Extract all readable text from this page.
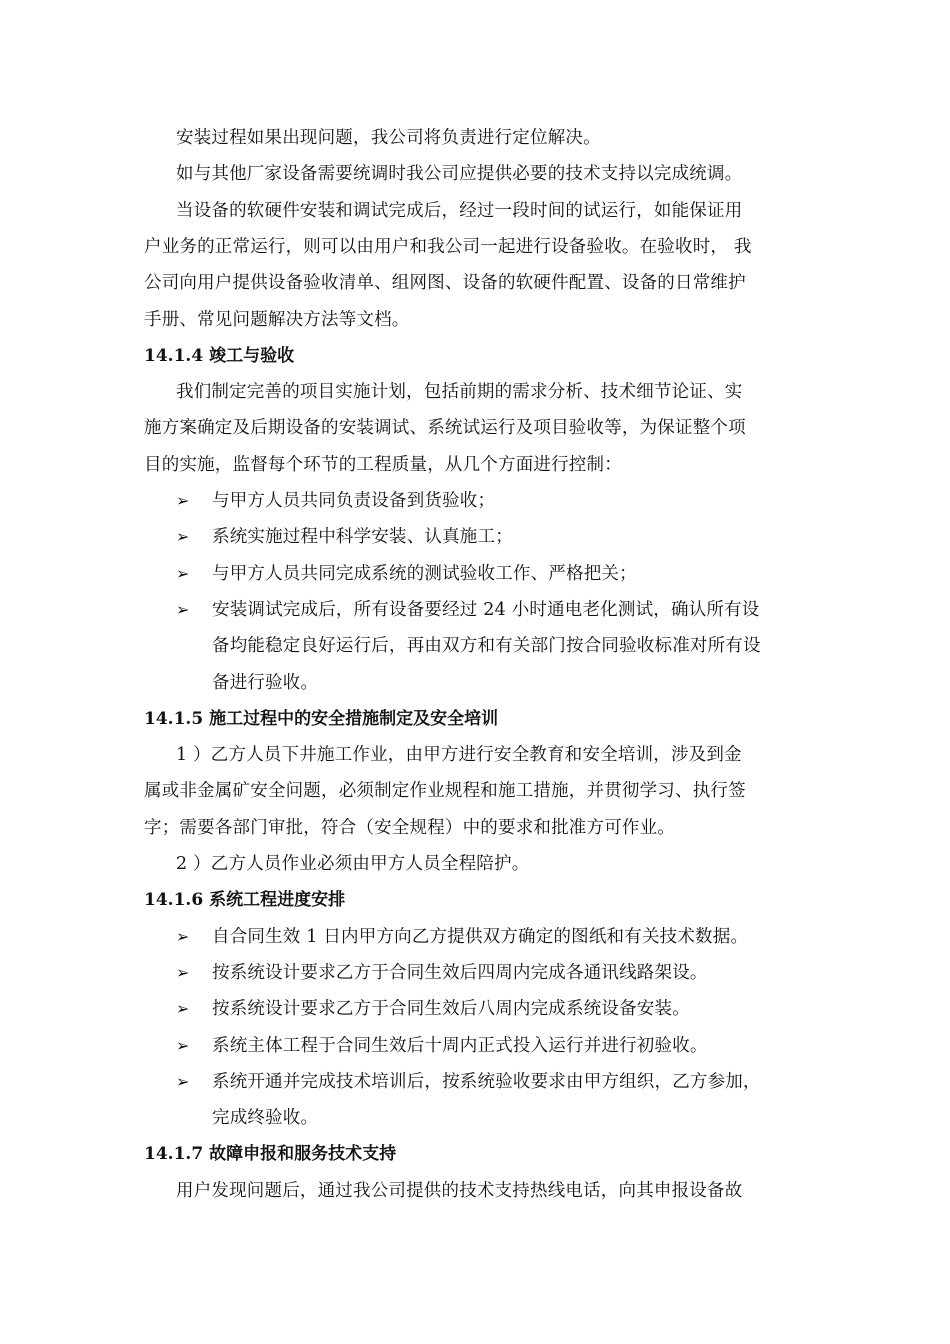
安装过程如果出现问题，我公司将负责进行定位解决。
如与其他厂家设备需要统调时我公司应提供必要的技术支持以完成统调。
当设备的软硬件安装和调试完成后，经过一段时间的试运行，如能保证用
户业务的正常运行，则可以由用户和我公司一起进行设备验收。在验收时， 我
公司向用户提供设备验收清单、组网图、设备的软硬件配置、设备的日常维护
手册、常见问题解决方法等文档。
14.1.4 竣工与验收
我们制定完善的项目实施计划，包括前期的需求分析、技术细节论证、实
施方案确定及后期设备的安装调试、系统试运行及项目验收等，为保证整个项
目的实施，监督每个环节的工程质量，从几个方面进行控制：
➢ 与甲方人员共同负责设备到货验收；
➢ 系统实施过程中科学安装、认真施工；
➢ 与甲方人员共同完成系统的测试验收工作、严格把关；
➢ 安装调试完成后，所有设备要经过 24 小时通电老化测试，确认所有设
备均能稳定良好运行后，再由双方和有关部门按合同验收标准对所有设
备进行验收。
14.1.5 施工过程中的安全措施制定及安全培训
1 ）乙方人员下井施工作业，由甲方进行安全教育和安全培训，涉及到金
属或非金属矿安全问题，必须制定作业规程和施工措施，并贯彻学习、执行签
字；需要各部门审批，符合（安全规程）中的要求和批准方可作业。
2 ）乙方人员作业必须由甲方人员全程陪护。
14.1.6 系统工程进度安排
➢ 自合同生效 1 日内甲方向乙方提供双方确定的图纸和有关技术数据。
➢ 按系统设计要求乙方于合同生效后四周内完成各通讯线路架设。
➢ 按系统设计要求乙方于合同生效后八周内完成系统设备安装。
➢ 系统主体工程于合同生效后十周内正式投入运行并进行初验收。
➢ 系统开通并完成技术培训后，按系统验收要求由甲方组织，乙方参加，
完成终验收。
14.1.7 故障申报和服务技术支持
用户发现问题后，通过我公司提供的技术支持热线电话，向其申报设备故
